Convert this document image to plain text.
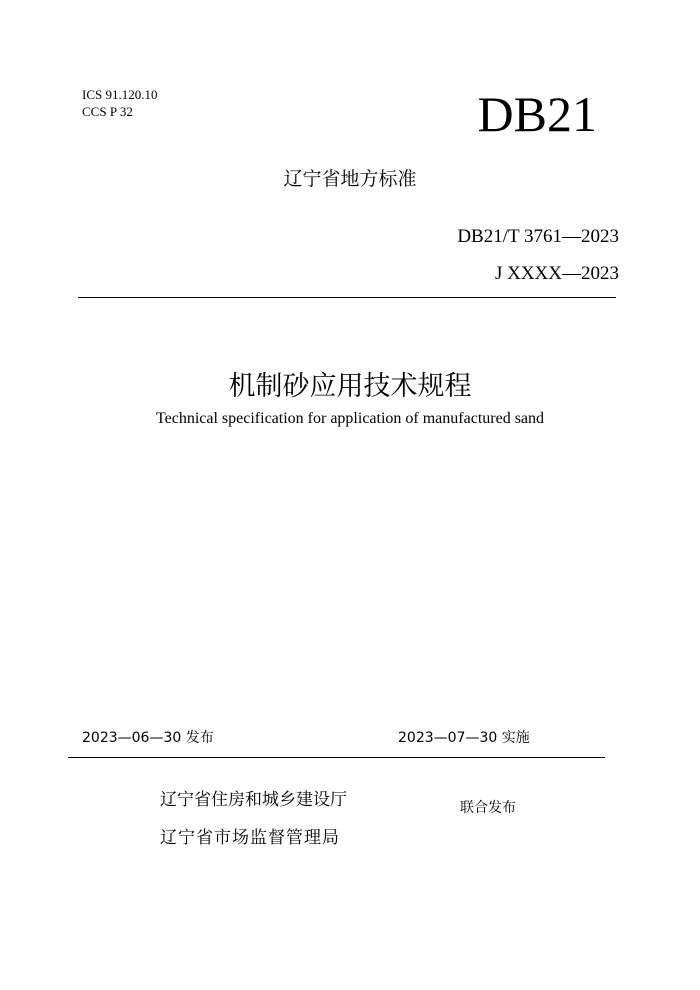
ICS 91.120.10
CCS P 32	DB21
辽宁省地方标准
DB21/T 3761—2023
J XXXX—2023
机制砂应用技术规程
Technical specification for application of manufactured sand
2023—06—30 发布	2023—07—30 实施
辽宁省住房和城乡建设厅
辽宁省市场监督管理局
联合发布
